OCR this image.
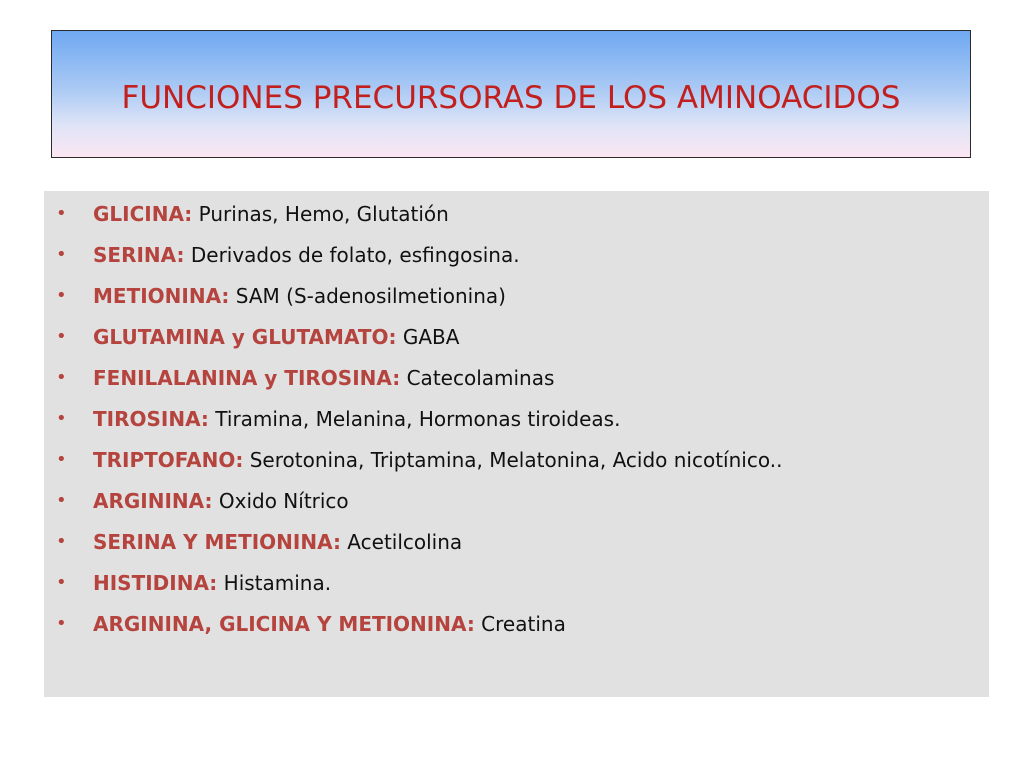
FUNCIONES PRECURSORAS DE LOS AMINOACIDOS
•	GLICINA: Purinas, Hemo, Glutatión
•	SERINA: Derivados de folato, esfingosina.
•	METIONINA: SAM (S-adenosilmetionina)
•	GLUTAMINA y GLUTAMATO: GABA
•	FENILALANINA y TIROSINA: Catecolaminas
•	TIROSINA: Tiramina, Melanina, Hormonas tiroideas.
•	TRIPTOFANO: Serotonina, Triptamina, Melatonina, Acido nicotínico..
•	ARGININA: Oxido Nítrico
•	SERINA Y METIONINA: Acetilcolina
•	HISTIDINA: Histamina.
•	ARGININA, GLICINA Y METIONINA: Creatina
